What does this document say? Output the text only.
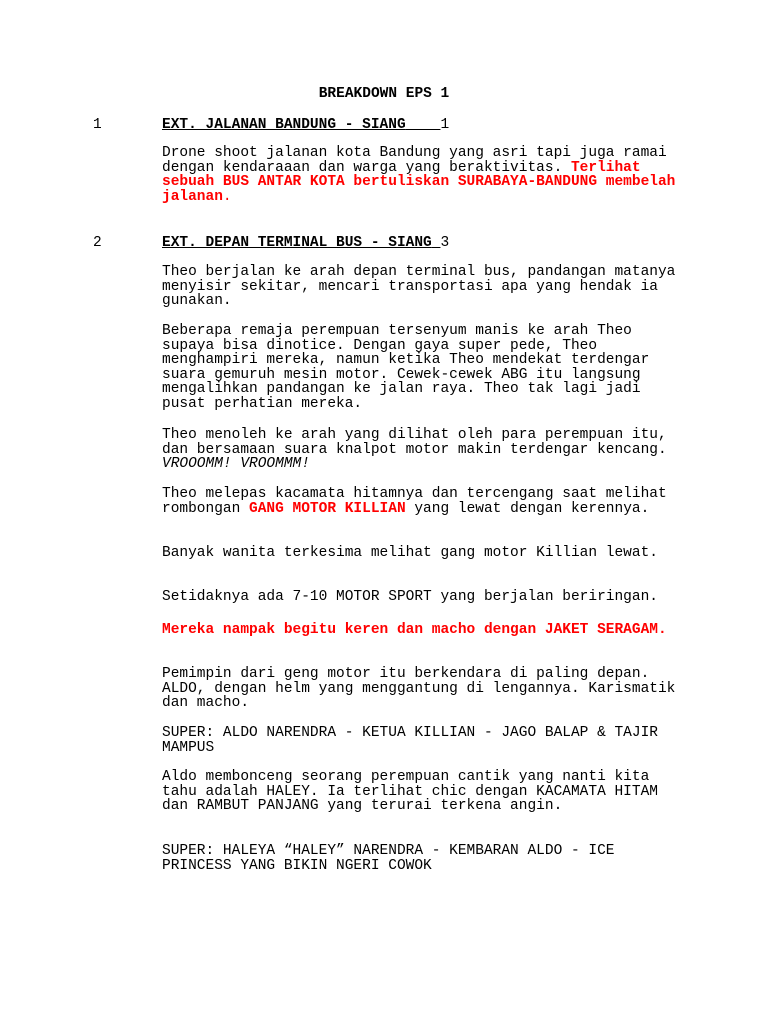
BREAKDOWN EPS 1
1	EXT. JALANAN BANDUNG - SIANG 1
Drone shoot jalanan kota Bandung yang asri tapi juga ramai dengan kendaraaan dan warga yang beraktivitas. Terlihat sebuah BUS ANTAR KOTA bertuliskan SURABAYA-BANDUNG membelah jalanan.
2	EXT. DEPAN TERMINAL BUS - SIANG 3
Theo berjalan ke arah depan terminal bus, pandangan matanya menyisir sekitar, mencari transportasi apa yang hendak ia gunakan.
Beberapa remaja perempuan tersenyum manis ke arah Theo supaya bisa dinotice. Dengan gaya super pede, Theo menghampiri mereka, namun ketika Theo mendekat terdengar suara gemuruh mesin motor. Cewek-cewek ABG itu langsung mengalihkan pandangan ke jalan raya. Theo tak lagi jadi pusat perhatian mereka.
Theo menoleh ke arah yang dilihat oleh para perempuan itu, dan bersamaan suara knalpot motor makin terdengar kencang. VROOOMM! VROOMMM!
Theo melepas kacamata hitamnya dan tercengang saat melihat rombongan GANG MOTOR KILLIAN yang lewat dengan kerennya.
Banyak wanita terkesima melihat gang motor Killian lewat.
Setidaknya ada 7-10 MOTOR SPORT yang berjalan beriringan.
Mereka nampak begitu keren dan macho dengan JAKET SERAGAM.
Pemimpin dari geng motor itu berkendara di paling depan. ALDO, dengan helm yang menggantung di lengannya. Karismatik dan macho.
SUPER: ALDO NARENDRA - KETUA KILLIAN - JAGO BALAP & TAJIR MAMPUS
Aldo membonceng seorang perempuan cantik yang nanti kita tahu adalah HALEY. Ia terlihat chic dengan KACAMATA HITAM dan RAMBUT PANJANG yang terurai terkena angin.
SUPER: HALEYA “HALEY” NARENDRA - KEMBARAN ALDO - ICE PRINCESS YANG BIKIN NGERI COWOK
